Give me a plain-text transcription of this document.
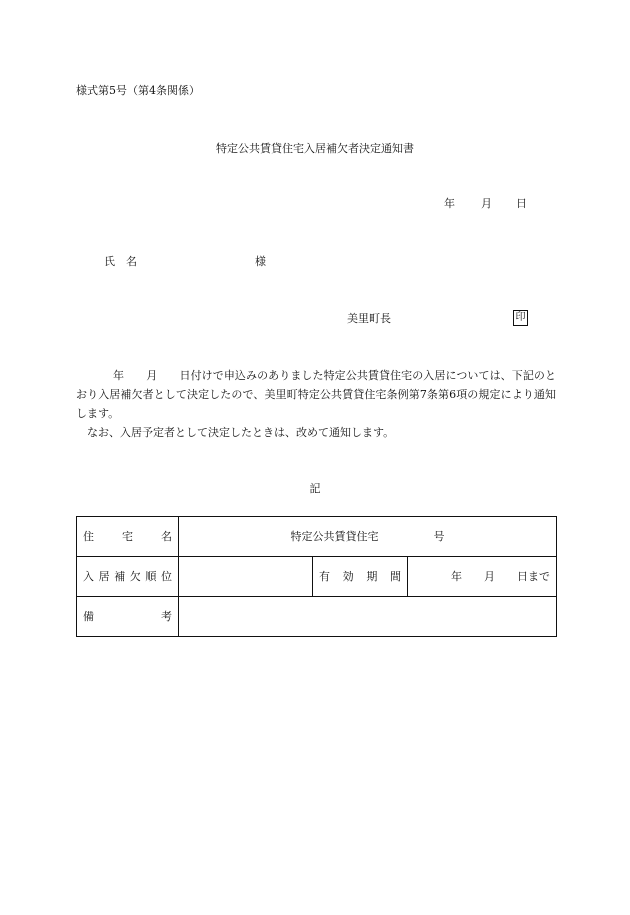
様式第5号（第4条関係）
特定公共賃貸住宅入居補欠者決定通知書
年 月 日
氏　名	様
美里町長	印

年　　月　　日付けで申込みのありました特定公共賃貸住宅の入居については、下記のとおり入居補欠者として決定したので、美里町特定公共賃貸住宅条例第7条第6項の規定により通知します。

なお、入居予定者として決定したときは、改めて通知します。

記
住宅名	特定公共賃貸住宅　　　　　号		
入居補欠順位		有効期間	年　　月　　日まで
備考			
